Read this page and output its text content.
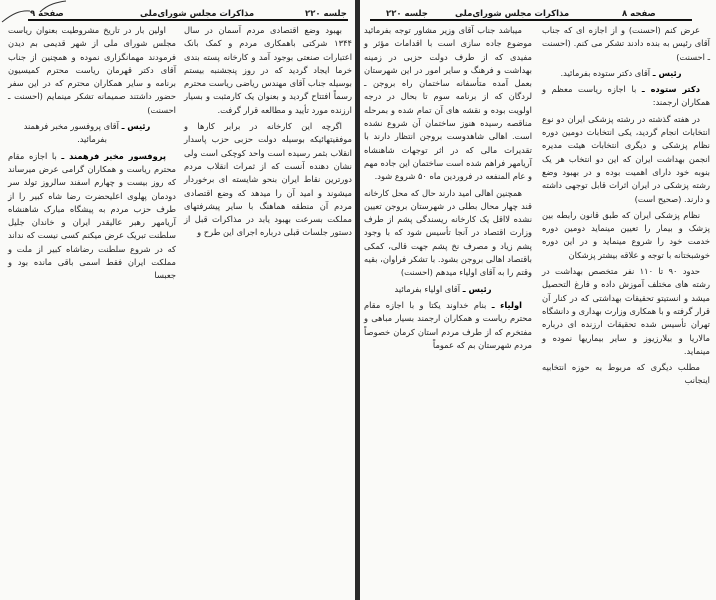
صفحه ۹	مذاکرات مجلس شورای‌ملی	جلسه ۲۲۰

اولین بار در تاریخ مشروطیت بعنوان ریاست مجلس شورای ملی از شهر قدیمی بم دیدن فرمودند مهمانگزاری نموده و همچنین از جناب آقای دکتر قهرمان ریاست محترم کمیسیون برنامه و سایر همکاران محترم که در این سفر حضور داشتند صمیمانه تشکر مینمایم (احسنت ـ احسنت)

رئیس ـ آقای پروفسور مخبر فرهمند بفرمائید.

پروفسور مخبر فرهمند ـ با اجازه مقام محترم ریاست و همکاران گرامی عرض میرساند که روز بیست و چهارم اسفند سالروز تولد سر دودمان پهلوی اعلیحضرت رضا شاه کبیر را از طرف حزب مردم به پیشگاه مبارک شاهنشاه آریامهر رهبر عالیقدر ایران و خاندان جلیل سلطنت تبریک عرض میکنم کسی نیست که نداند که در شروع سلطنت رضاشاه کبیر از ملت و مملکت ایران فقط اسمی باقی مانده بود و جعبسا

بهبود وضع اقتصادی مردم آسمان در سال ۱۳۴۴ شرکتی باهمکاری مردم و کمک بانک اعتبارات صنعتی بوجود آمد و کارخانه پسته بندی خرما ایجاد گردید که در روز پنجشنبه بیستم بوسیله جناب آقای مهندس ریاضی ریاست محترم رسماً افتتاح گردید و بعنوان یک کارمثبت و بسیار ارزنده مورد تأیید و مطالعه قرار گرفت.

اگرچه این کارخانه در برابر کارها و موفقیتهائیکه بوسیله دولت حزبی حزب پاسدار انقلاب بثمر رسیده است واحد کوچکی است ولی نشان دهنده آنست که از ثمرات انقلاب مردم دورترین نقاط ایران بنحو شایسته ای برخوردار میشوند و امید آن را میدهد که وضع اقتصادی مردم آن منطقه هماهنگ با سایر پیشرفتهای مملکت بسرعت بهبود یابد در مذاکرات قبل از دستور جلسات قبلی درباره اجرای این طرح و

جلسه ۲۲۰	مذاکرات مجلس شورای‌ملی	صفحه ۸

میباشد جناب آقای وزیر مشاور توجه بفرمائید موضوع جاده سازی است با اقدامات مؤثر و مفیدی که از طرف دولت حزبی در زمینه بهداشت و فرهنگ و سایر امور در این شهرستان بعمل آمده متأسفانه ساختمان راه بروجن ـ لردگان که از برنامه سوم تا بحال در درجه اولویت بوده و نقشه های آن تمام شده و بمرحله مناقصه رسیده هنوز ساختمان آن شروع نشده است. اهالی شاهدوست بروجن انتظار دارند با تقدیرات مالی که در اثر توجهات شاهنشاه آریامهر فراهم شده است ساختمان این جاده مهم و عام المنفعه در فروردین ماه ۵۰ شروع شود.

همچنین اهالی امید دارند حال که محل کارخانه قند چهار محال بطلی در شهرستان بروجن تعیین نشده لااقل یک کارخانه ریسندگی پشم از طرف وزارت اقتصاد در آنجا تأسیس شود که با وجود پشم زیاد و مصرف نخ پشم جهت قالی، کمکی باقتصاد اهالی بروجن بشود. با تشکر فراوان، بقیه وقتم را به آقای اولیاء میدهم (احسنت)

رئیس ـ آقای اولیاء بفرمائید

اولیاء ـ بنام خداوند یکتا و با اجازه مقام محترم ریاست و همکاران ارجمند بسیار مباهی و مفتخرم که از طرف مردم استان کرمان خصوصاً مردم شهرستان بم که عموماً

عرض کنم (احسنت) و از اجازه ای که جناب آقای رئیس به بنده دادند تشکر می کنم. (احسنت ـ احسنت)

رئیس ـ آقای دکتر ستوده بفرمائید.

دکتر ستوده ـ با اجازه ریاست معظم و همکاران ارجمند:

در هفته گذشته در رشته پزشکی ایران دو نوع انتخابات انجام گردید، یکی انتخابات دومین دوره نظام پزشکی و دیگری انتخابات هیئت مدیره انجمن بهداشت ایران که این دو انتخاب هر یک بنوبه خود دارای اهمیت بوده و در بهبود وضع رشته پزشکی در ایران اثرات قابل توجهی داشته و دارند. (صحیح است)

نظام پزشکی ایران که طبق قانون رابطه بین پزشک و بیمار را تعیین مینماید دومین دوره خدمت خود را شروع مینماید و در این دوره خوشبختانه با توجه و علاقه بیشتر پزشکان

حدود ۹۰ تا ۱۱۰ نفر متخصص بهداشت در رشته های مختلف آموزش داده و فارغ التحصیل میشد و انستیتو تحقیقات بهداشتی که در کنار آن قرار گرفته و با همکاری وزارت بهداری و دانشگاه تهران تأسیس شده تحقیقات ارزنده ای درباره مالاریا و بیلارزیوز و سایر بیماریها نموده و مینماید.

مطلب دیگری که مربوط به حوزه انتخابیه اینجانب
